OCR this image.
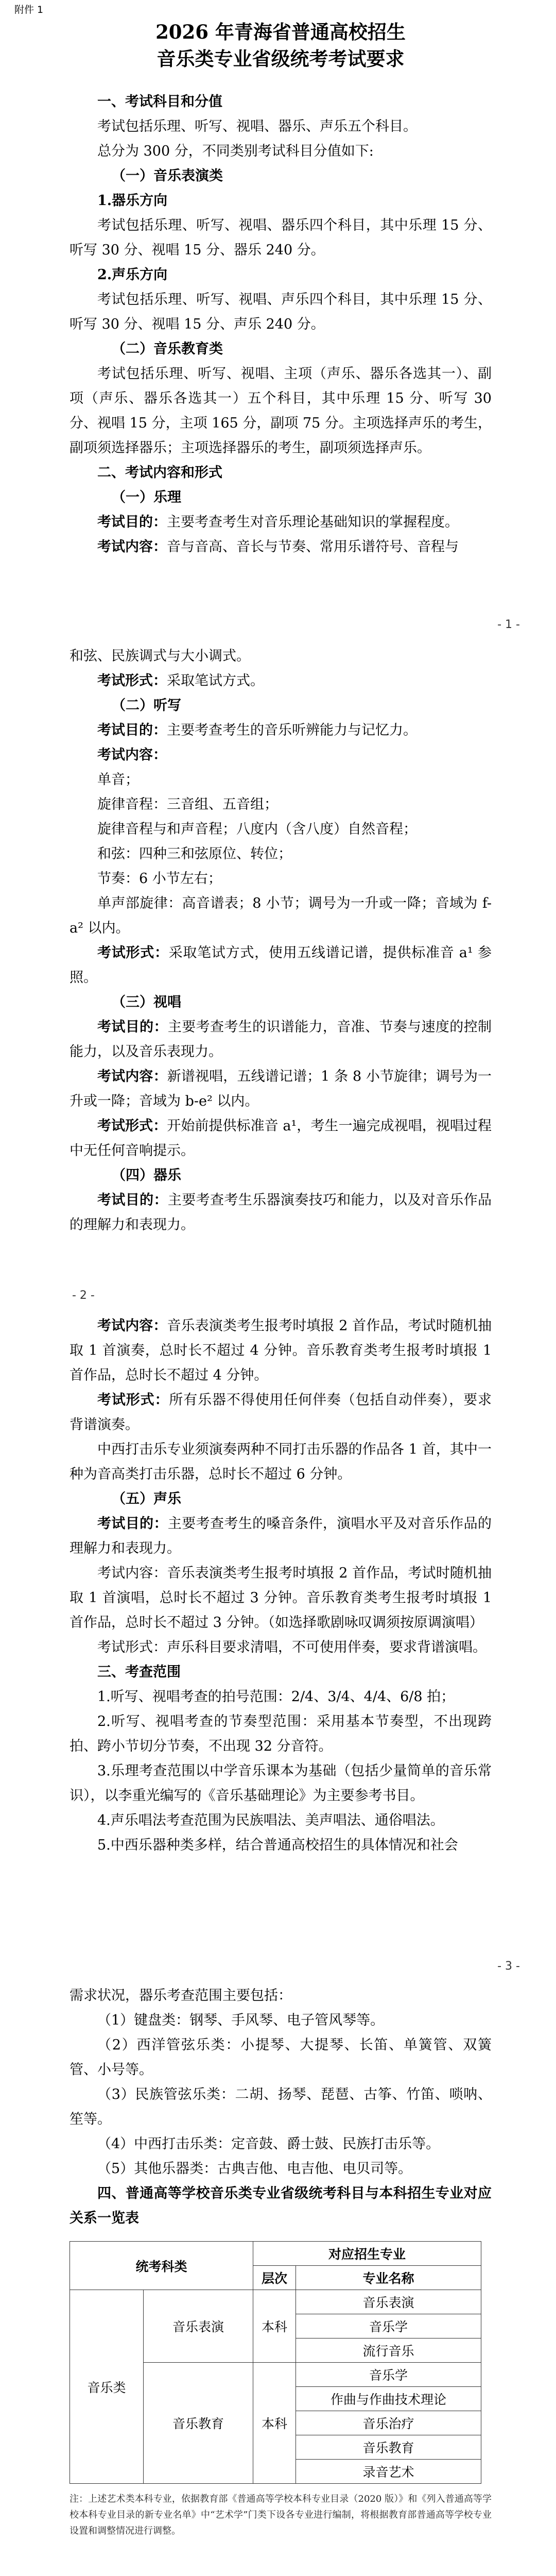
附件 1

2026 年青海省普通高校招生

音乐类专业省级统考考试要求

一、考试科目和分值

考试包括乐理、听写、视唱、器乐、声乐五个科目。

总分为 300 分，不同类别考试科目分值如下:

（一）音乐表演类

1.器乐方向

考试包括乐理、听写、视唱、器乐四个科目，其中乐理 15 分、听写 30 分、视唱 15 分、器乐 240 分。

2.声乐方向

考试包括乐理、听写、视唱、声乐四个科目，其中乐理 15 分、听写 30 分、视唱 15 分、声乐 240 分。

（二）音乐教育类

考试包括乐理、听写、视唱、主项（声乐、器乐各选其一）、副项（声乐、器乐各选其一）五个科目，其中乐理 15 分、听写 30 分、视唱 15 分，主项 165 分，副项 75 分。主项选择声乐的考生，副项须选择器乐；主项选择器乐的考生，副项须选择声乐。

二、考试内容和形式

（一）乐理

考试目的：主要考查考生对音乐理论基础知识的掌握程度。

考试内容：音与音高、音长与节奏、常用乐谱符号、音程与

- 1 -

和弦、民族调式与大小调式。

考试形式：采取笔试方式。

（二）听写

考试目的：主要考查考生的音乐听辨能力与记忆力。

考试内容：

单音；

旋律音程：三音组、五音组；

旋律音程与和声音程；八度内（含八度）自然音程；

和弦：四种三和弦原位、转位；

节奏：6 小节左右；

单声部旋律：高音谱表；8 小节；调号为一升或一降；音域为 f-a² 以内。

考试形式：采取笔试方式，使用五线谱记谱，提供标准音 a¹ 参照。

（三）视唱

考试目的：主要考查考生的识谱能力，音准、节奏与速度的控制能力，以及音乐表现力。

考试内容：新谱视唱，五线谱记谱；1 条 8 小节旋律；调号为一升或一降；音域为 b-e² 以内。

考试形式：开始前提供标准音 a¹，考生一遍完成视唱，视唱过程中无任何音响提示。

（四）器乐

考试目的：主要考查考生乐器演奏技巧和能力，以及对音乐作品的理解力和表现力。

- 2 -

考试内容：音乐表演类考生报考时填报 2 首作品，考试时随机抽取 1 首演奏，总时长不超过 4 分钟。音乐教育类考生报考时填报 1 首作品，总时长不超过 4 分钟。

考试形式：所有乐器不得使用任何伴奏（包括自动伴奏），要求背谱演奏。

中西打击乐专业须演奏两种不同打击乐器的作品各 1 首，其中一种为音高类打击乐器，总时长不超过 6 分钟。

（五）声乐

考试目的：主要考查考生的嗓音条件，演唱水平及对音乐作品的理解力和表现力。

考试内容：音乐表演类考生报考时填报 2 首作品，考试时随机抽取 1 首演唱，总时长不超过 3 分钟。音乐教育类考生报考时填报 1 首作品，总时长不超过 3 分钟。（如选择歌剧咏叹调须按原调演唱）

考试形式：声乐科目要求清唱，不可使用伴奏，要求背谱演唱。

三、考查范围

1.听写、视唱考查的拍号范围：2/4、3/4、4/4、6/8 拍；

2.听写、视唱考查的节奏型范围：采用基本节奏型，不出现跨拍、跨小节切分节奏，不出现 32 分音符。

3.乐理考查范围以中学音乐课本为基础（包括少量简单的音乐常识），以李重光编写的《音乐基础理论》为主要参考书目。

4.声乐唱法考查范围为民族唱法、美声唱法、通俗唱法。

5.中西乐器种类多样，结合普通高校招生的具体情况和社会

- 3 -

需求状况，器乐考查范围主要包括：

（1）键盘类：钢琴、手风琴、电子管风琴等。

（2）西洋管弦乐类：小提琴、大提琴、长笛、单簧管、双簧管、小号等。

（3）民族管弦乐类：二胡、扬琴、琵琶、古筝、竹笛、唢呐、笙等。

（4）中西打击乐类：定音鼓、爵士鼓、民族打击乐等。

（5）其他乐器类：古典吉他、电吉他、电贝司等。

四、普通高等学校音乐类专业省级统考科目与本科招生专业对应关系一览表

统考科类		对应招生专业	
		层次	专业名称
音乐类	音乐表演	本科	音乐表演
			音乐学
			流行音乐
	音乐教育	本科	音乐学
			作曲与作曲技术理论
			音乐治疗
			音乐教育
			录音艺术

注：上述艺术类本科专业，依据教育部《普通高等学校本科专业目录（2020 版）》和《列入普通高等学校本科专业目录的新专业名单》中“艺术学”门类下设各专业进行编制，将根据教育部普通高等学校专业设置和调整情况进行调整。
